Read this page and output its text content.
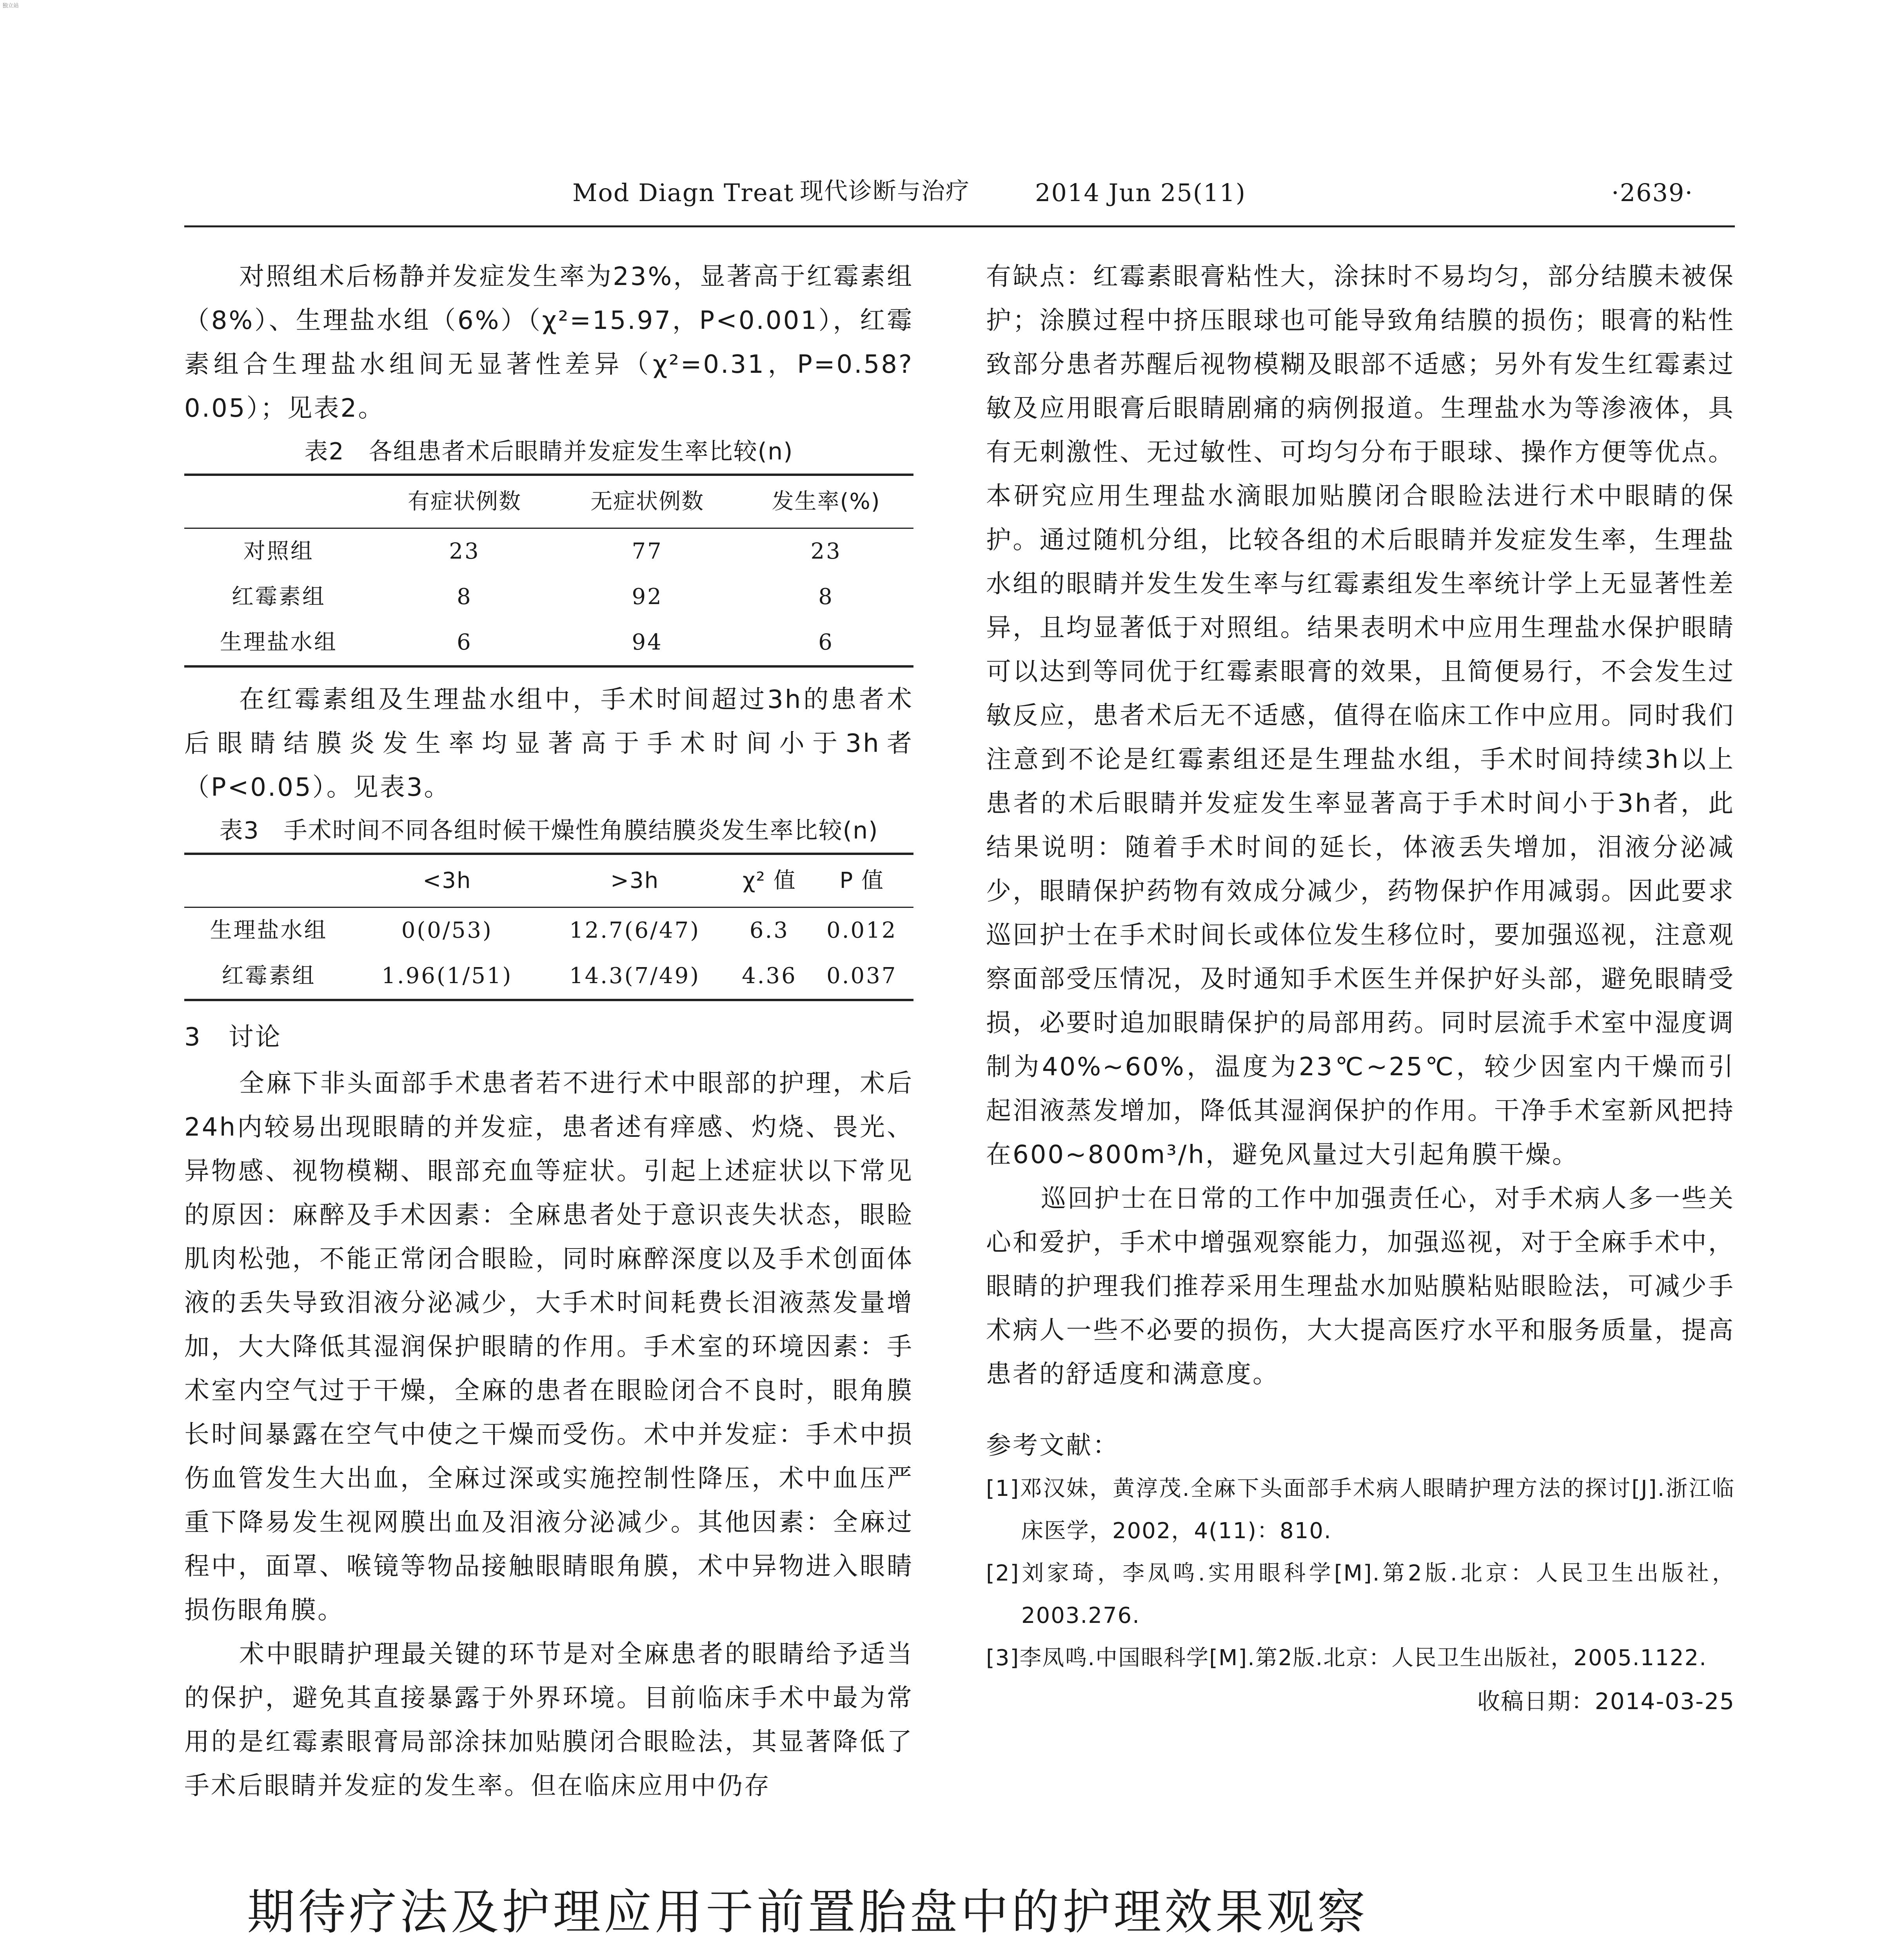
独立站
Mod Diagn Treat 现代诊断与治疗	2014 Jun 25(11)	·2639·

对照组术后杨静并发症发生率为23%，显著高于红霉素组（8%）、生理盐水组（6%）（χ²=15.97，P<0.001），红霉素组合生理盐水组间无显著性差异（χ²=0.31，P=0.58?0.05）；见表2。

表2　各组患者术后眼睛并发症发生率比较(n)
	有症状例数	无症状例数	发生率(%)
对照组	23	77	23
红霉素组	8	92	8
生理盐水组	6	94	6

在红霉素组及生理盐水组中，手术时间超过3h的患者术后眼睛结膜炎发生率均显著高于手术时间小于3h者（P<0.05）。见表3。

表3　手术时间不同各组时候干燥性角膜结膜炎发生率比较(n)
	<3h	>3h	χ² 值	P 值
生理盐水组	0(0/53)	12.7(6/47)	6.3	0.012
红霉素组	1.96(1/51)	14.3(7/49)	4.36	0.037
3　讨论

全麻下非头面部手术患者若不进行术中眼部的护理，术后24h内较易出现眼睛的并发症，患者述有痒感、灼烧、畏光、异物感、视物模糊、眼部充血等症状。引起上述症状以下常见的原因：麻醉及手术因素：全麻患者处于意识丧失状态，眼睑肌肉松弛，不能正常闭合眼睑，同时麻醉深度以及手术创面体液的丢失导致泪液分泌减少，大手术时间耗费长泪液蒸发量增加，大大降低其湿润保护眼睛的作用。手术室的环境因素：手术室内空气过于干燥，全麻的患者在眼睑闭合不良时，眼角膜长时间暴露在空气中使之干燥而受伤。术中并发症：手术中损伤血管发生大出血，全麻过深或实施控制性降压，术中血压严重下降易发生视网膜出血及泪液分泌减少。其他因素：全麻过程中，面罩、喉镜等物品接触眼睛眼角膜，术中异物进入眼睛损伤眼角膜。

术中眼睛护理最关键的环节是对全麻患者的眼睛给予适当的保护，避免其直接暴露于外界环境。目前临床手术中最为常用的是红霉素眼膏局部涂抹加贴膜闭合眼睑法，其显著降低了手术后眼睛并发症的发生率。但在临床应用中仍存

有缺点：红霉素眼膏粘性大，涂抹时不易均匀，部分结膜未被保护；涂膜过程中挤压眼球也可能导致角结膜的损伤；眼膏的粘性致部分患者苏醒后视物模糊及眼部不适感；另外有发生红霉素过敏及应用眼膏后眼睛剧痛的病例报道。生理盐水为等渗液体，具有无刺激性、无过敏性、可均匀分布于眼球、操作方便等优点。本研究应用生理盐水滴眼加贴膜闭合眼睑法进行术中眼睛的保护。通过随机分组，比较各组的术后眼睛并发症发生率，生理盐水组的眼睛并发生发生率与红霉素组发生率统计学上无显著性差异，且均显著低于对照组。结果表明术中应用生理盐水保护眼睛可以达到等同优于红霉素眼膏的效果，且简便易行，不会发生过敏反应，患者术后无不适感，值得在临床工作中应用。同时我们注意到不论是红霉素组还是生理盐水组，手术时间持续3h以上患者的术后眼睛并发症发生率显著高于手术时间小于3h者，此结果说明：随着手术时间的延长，体液丢失增加，泪液分泌减少，眼睛保护药物有效成分减少，药物保护作用减弱。因此要求巡回护士在手术时间长或体位发生移位时，要加强巡视，注意观察面部受压情况，及时通知手术医生并保护好头部，避免眼睛受损，必要时追加眼睛保护的局部用药。同时层流手术室中湿度调制为40%~60%，温度为23℃~25℃，较少因室内干燥而引起泪液蒸发增加，降低其湿润保护的作用。干净手术室新风把持在600~800m³/h，避免风量过大引起角膜干燥。

巡回护士在日常的工作中加强责任心，对手术病人多一些关心和爱护，手术中增强观察能力，加强巡视，对于全麻手术中，眼睛的护理我们推荐采用生理盐水加贴膜粘贴眼睑法，可减少手术病人一些不必要的损伤，大大提高医疗水平和服务质量，提高患者的舒适度和满意度。

参考文献：
[1]邓汉妹，黄淳茂.全麻下头面部手术病人眼睛护理方法的探讨[J].浙江临床医学，2002，4(11)：810.
[2]刘家琦，李凤鸣.实用眼科学[M].第2版.北京：人民卫生出版社，2003.276.
[3]李凤鸣.中国眼科学[M].第2版.北京：人民卫生出版社，2005.1122.
收稿日期：2014-03-25
期待疗法及护理应用于前置胎盘中的护理效果观察
